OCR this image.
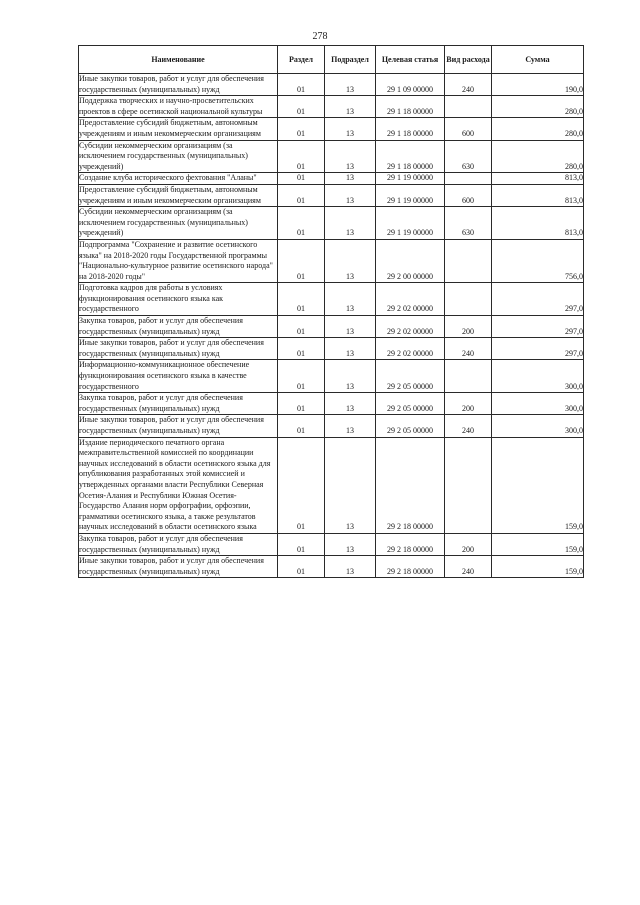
278
Наименование	Раздел	Подраздел	Целевая статья	Вид расхода	Сумма
Иные закупки товаров, работ и услуг для обеспечения государственных (муниципальных) нужд	01	13	29 1 09 00000	240	190,0
Поддержка творческих и научно-просветительских проектов в сфере осетинской национальной культуры	01	13	29 1 18 00000		280,0
Предоставление субсидий бюджетным, автономным учреждениям и иным некоммерческим организациям	01	13	29 1 18 00000	600	280,0
Субсидии некоммерческим организациям (за исключением государственных (муниципальных) учреждений)	01	13	29 1 18 00000	630	280,0
Создание клуба исторического фехтования "Аланы"	01	13	29 1 19 00000		813,0
Предоставление субсидий бюджетным, автономным учреждениям и иным некоммерческим организациям	01	13	29 1 19 00000	600	813,0
Субсидии некоммерческим организациям (за исключением государственных (муниципальных) учреждений)	01	13	29 1 19 00000	630	813,0
Подпрограмма "Сохранение и развитие осетинского языка" на 2018-2020 годы Государственной программы "Национально-культурное развитие осетинского народа" на 2018-2020 годы"	01	13	29 2 00 00000		756,0
Подготовка кадров для работы в условиях функционирования осетинского языка как государственного	01	13	29 2 02 00000		297,0
Закупка товаров, работ и услуг для обеспечения государственных (муниципальных) нужд	01	13	29 2 02 00000	200	297,0
Иные закупки товаров, работ и услуг для обеспечения государственных (муниципальных) нужд	01	13	29 2 02 00000	240	297,0
Информационно-коммуникационное обеспечение функционирования осетинского языка в качестве государственного	01	13	29 2 05 00000		300,0
Закупка товаров, работ и услуг для обеспечения государственных (муниципальных) нужд	01	13	29 2 05 00000	200	300,0
Иные закупки товаров, работ и услуг для обеспечения государственных (муниципальных) нужд	01	13	29 2 05 00000	240	300,0
Издание периодического печатного органа межправительственной комиссией по координации научных исследований в области осетинского языка для опубликования разработанных этой комиссией и утвержденных органами власти Республики Северная Осетия-Алания и Республики Южная Осетия-Государство Алания норм орфографии, орфоэпии, грамматики осетинского языка, а также результатов научных исследований в области осетинского языка	01	13	29 2 18 00000		159,0
Закупка товаров, работ и услуг для обеспечения государственных (муниципальных) нужд	01	13	29 2 18 00000	200	159,0
Иные закупки товаров, работ и услуг для обеспечения государственных (муниципальных) нужд	01	13	29 2 18 00000	240	159,0
